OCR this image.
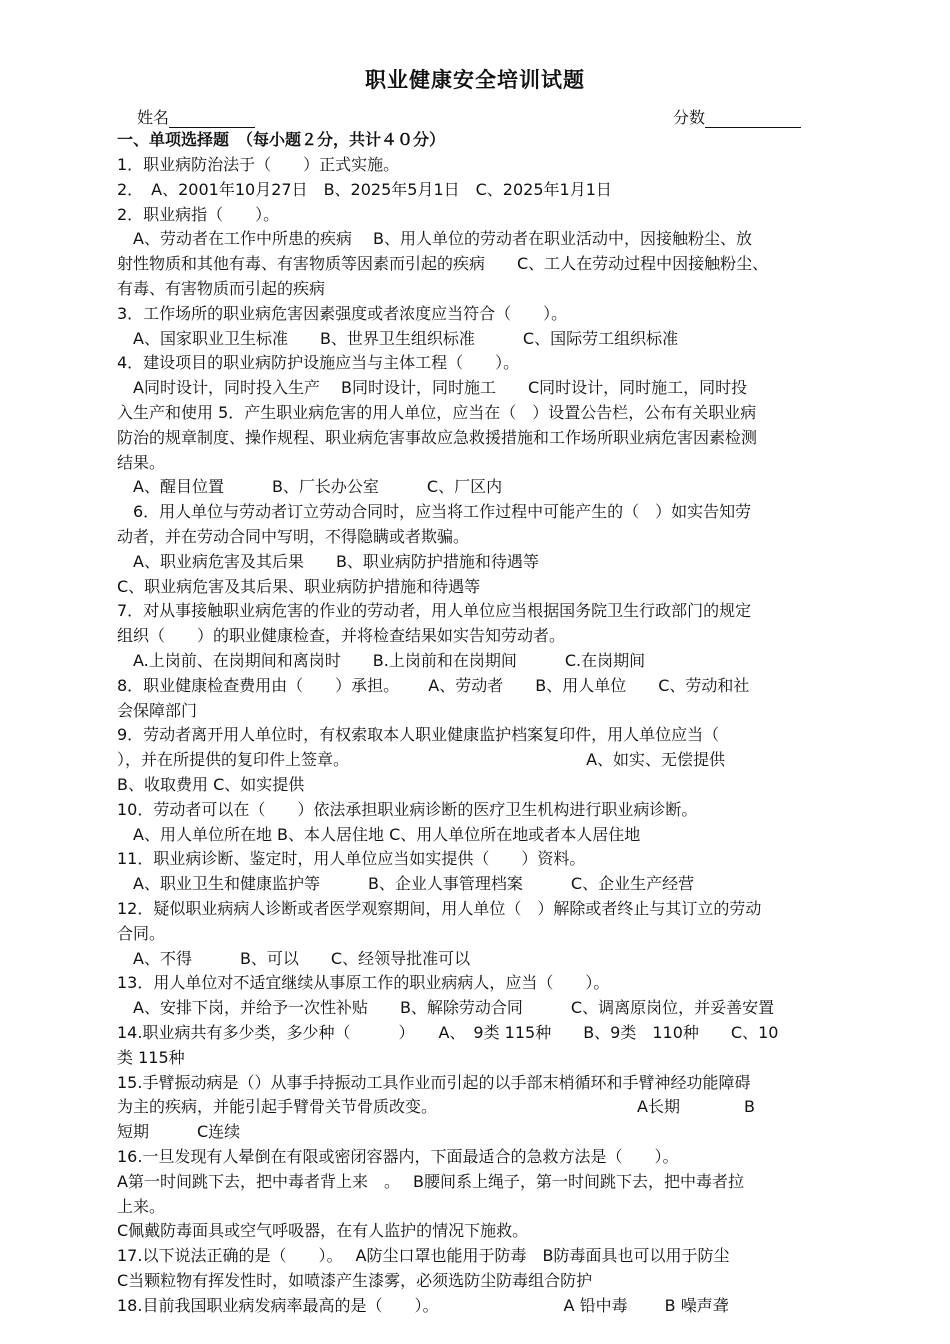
职业健康安全培训试题
姓名	分数
一、单项选择题　（每小题２分，共计４０分）
1．职业病防治法于（　　）正式实施。
2．　A、2001年10月27日　B、2025年5月1日　C、2025年1月1日
2．职业病指（　　）。
　A、劳动者在工作中所患的疾病　 B、用人单位的劳动者在职业活动中，因接触粉尘、放
射性物质和其他有毒、有害物质等因素而引起的疾病　　C、工人在劳动过程中因接触粉尘、
有毒、有害物质而引起的疾病
3．工作场所的职业病危害因素强度或者浓度应当符合（　　）。
　A、国家职业卫生标准　　B、世界卫生组织标准　　　C、国际劳工组织标准
4．建设项目的职业病防护设施应当与主体工程（　　）。
　A同时设计，同时投入生产　 B同时设计，同时施工　　C同时设计，同时施工，同时投
入生产和使用 5．产生职业病危害的用人单位，应当在（　）设置公告栏，公布有关职业病
防治的规章制度、操作规程、职业病危害事故应急救援措施和工作场所职业病危害因素检测
结果。
　A、醒目位置　　　B、厂长办公室　　　C、厂区内
　6．用人单位与劳动者订立劳动合同时，应当将工作过程中可能产生的（　）如实告知劳
动者，并在劳动合同中写明，不得隐瞒或者欺骗。
　A、职业病危害及其后果　　B、职业病防护措施和待遇等
C、职业病危害及其后果、职业病防护措施和待遇等
7．对从事接触职业病危害的作业的劳动者，用人单位应当根据国务院卫生行政部门的规定
组织（　　）的职业健康检查，并将检查结果如实告知劳动者。
　A.上岗前、在岗期间和离岗时　　B.上岗前和在岗期间　　　C.在岗期间
8．职业健康检查费用由（　　）承担。　　 A、劳动者　　B、用人单位　　C、劳动和社
会保障部门
9．劳动者离开用人单位时，有权索取本人职业健康监护档案复印件，用人单位应当（
），并在所提供的复印件上签章。　　　　　　　　　　　　　　　 A、如实、无偿提供
B、收取费用 C、如实提供
10．劳动者可以在（　　）依法承担职业病诊断的医疗卫生机构进行职业病诊断。
　A、用人单位所在地 B、本人居住地 C、用人单位所在地或者本人居住地
11．职业病诊断、鉴定时，用人单位应当如实提供（　　）资料。
　A、职业卫生和健康监护等　　　B、企业人事管理档案　　　C、企业生产经营
12．疑似职业病病人诊断或者医学观察期间，用人单位（　）解除或者终止与其订立的劳动
合同。
　A、不得　　　B、可以　　C、经领导批准可以
13．用人单位对不适宜继续从事原工作的职业病病人，应当（　　）。
　A、安排下岗，并给予一次性补贴　　B、解除劳动合同　　　C、调离原岗位，并妥善安置
14.职业病共有多少类，多少种（　　　）　　A、　9类 115种　　B、9类　110种　　C、10
类 115种
15.手臂振动病是（）从事手持振动工具作业而引起的以手部末梢循环和手臂神经功能障碍
为主的疾病，并能引起手臂骨关节骨质改变。　　　　　　　　　　　　　A长期　　　　B
短期　　　C连续
16.一旦发现有人晕倒在有限或密闭容器内，下面最适合的急救方法是（　　）。
A第一时间跳下去，把中毒者背上来　。　 B腰间系上绳子，第一时间跳下去，把中毒者拉
上来。
C佩戴防毒面具或空气呼吸器，在有人监护的情况下施救。
17.以下说法正确的是（　　）。　 A防尘口罩也能用于防毒　B防毒面具也可以用于防尘
C当颗粒物有挥发性时，如喷漆产生漆雾，必须选防尘防毒组合防护
18.目前我国职业病发病率最高的是（　　）。　　　　　　　　 A 铅中毒　　 B 噪声聋
